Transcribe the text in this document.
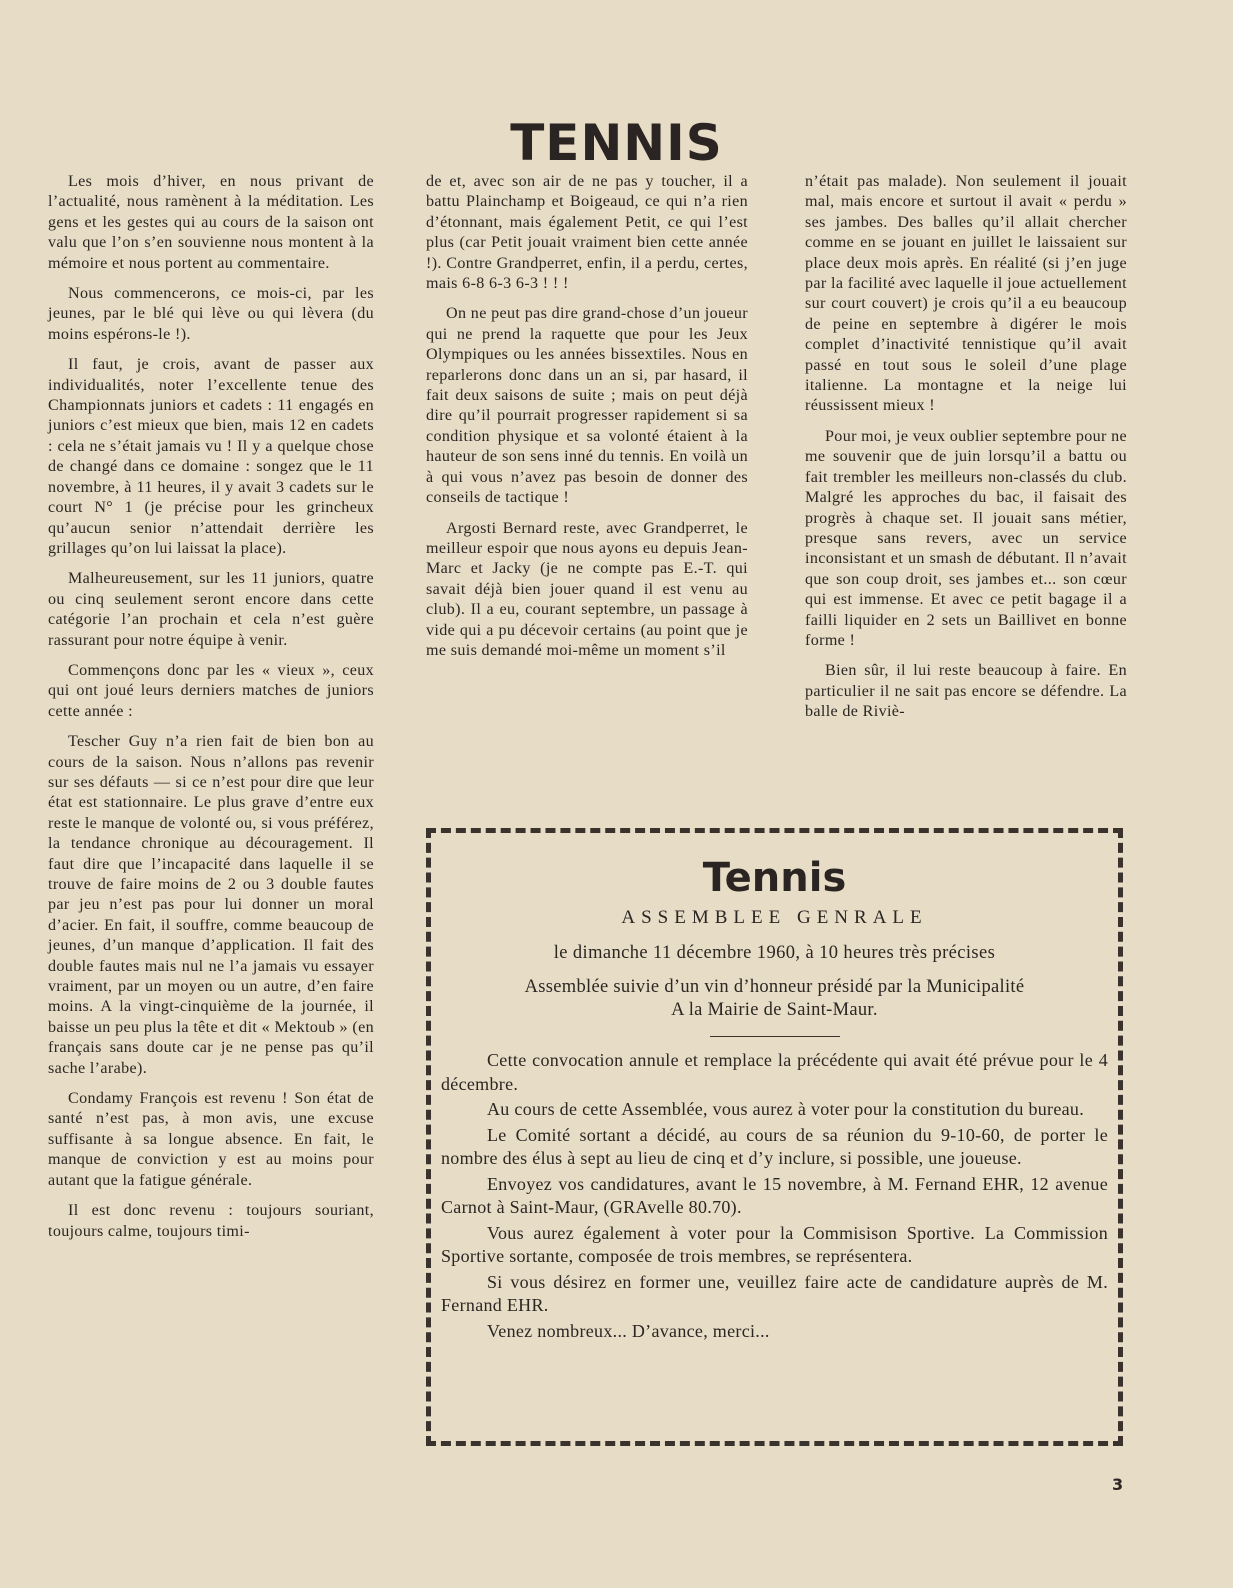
TENNIS

Les mois d’hiver, en nous privant de l’actualité, nous ramènent à la méditation. Les gens et les gestes qui au cours de la saison ont valu que l’on s’en souvienne nous montent à la mémoire et nous portent au commentaire.

Nous commencerons, ce mois-ci, par les jeunes, par le blé qui lève ou qui lèvera (du moins espérons-le !).

Il faut, je crois, avant de passer aux individualités, noter l’excellente tenue des Championnats juniors et cadets : 11 engagés en juniors c’est mieux que bien, mais 12 en cadets : cela ne s’était jamais vu ! Il y a quelque chose de changé dans ce domaine : songez que le 11 novembre, à 11 heures, il y avait 3 cadets sur le court N° 1 (je précise pour les grincheux qu’aucun senior n’attendait derrière les grillages qu’on lui laissat la place).

Malheureusement, sur les 11 juniors, quatre ou cinq seulement seront encore dans cette catégorie l’an prochain et cela n’est guère rassurant pour notre équipe à venir.

Commençons donc par les « vieux », ceux qui ont joué leurs derniers matches de juniors cette année :

Tescher Guy n’a rien fait de bien bon au cours de la saison. Nous n’allons pas revenir sur ses défauts — si ce n’est pour dire que leur état est stationnaire. Le plus grave d’entre eux reste le manque de volonté ou, si vous préférez, la tendance chronique au découragement. Il faut dire que l’incapacité dans laquelle il se trouve de faire moins de 2 ou 3 double fautes par jeu n’est pas pour lui donner un moral d’acier. En fait, il souffre, comme beaucoup de jeunes, d’un manque d’application. Il fait des double fautes mais nul ne l’a jamais vu essayer vraiment, par un moyen ou un autre, d’en faire moins. A la vingt-cinquième de la journée, il baisse un peu plus la tête et dit « Mektoub » (en français sans doute car je ne pense pas qu’il sache l’arabe).

Condamy François est revenu ! Son état de santé n’est pas, à mon avis, une excuse suffisante à sa longue absence. En fait, le manque de conviction y est au moins pour autant que la fatigue générale.

Il est donc revenu : toujours souriant, toujours calme, toujours timi-

de et, avec son air de ne pas y toucher, il a battu Plainchamp et Boigeaud, ce qui n’a rien d’étonnant, mais également Petit, ce qui l’est plus (car Petit jouait vraiment bien cette année !). Contre Grandperret, enfin, il a perdu, certes, mais 6-8 6-3 6-3 ! ! !

On ne peut pas dire grand-chose d’un joueur qui ne prend la raquette que pour les Jeux Olympiques ou les années bissextiles. Nous en reparlerons donc dans un an si, par hasard, il fait deux saisons de suite ; mais on peut déjà dire qu’il pourrait progresser rapidement si sa condition physique et sa volonté étaient à la hauteur de son sens inné du tennis. En voilà un à qui vous n’avez pas besoin de donner des conseils de tactique !

Argosti Bernard reste, avec Grandperret, le meilleur espoir que nous ayons eu depuis Jean-Marc et Jacky (je ne compte pas E.-T. qui savait déjà bien jouer quand il est venu au club). Il a eu, courant septembre, un passage à vide qui a pu décevoir certains (au point que je me suis demandé moi-même un moment s’il

n’était pas malade). Non seulement il jouait mal, mais encore et surtout il avait « perdu » ses jambes. Des balles qu’il allait chercher comme en se jouant en juillet le laissaient sur place deux mois après. En réalité (si j’en juge par la facilité avec laquelle il joue actuellement sur court couvert) je crois qu’il a eu beaucoup de peine en septembre à digérer le mois complet d’inactivité tennistique qu’il avait passé en tout sous le soleil d’une plage italienne. La montagne et la neige lui réussissent mieux !

Pour moi, je veux oublier septembre pour ne me souvenir que de juin lorsqu’il a battu ou fait trembler les meilleurs non-classés du club. Malgré les approches du bac, il faisait des progrès à chaque set. Il jouait sans métier, presque sans revers, avec un service inconsistant et un smash de débutant. Il n’avait que son coup droit, ses jambes et... son cœur qui est immense. Et avec ce petit bagage il a failli liquider en 2 sets un Baillivet en bonne forme !

Bien sûr, il lui reste beaucoup à faire. En particulier il ne sait pas encore se défendre. La balle de Riviè-

Tennis
ASSEMBLEE GENRALE
le dimanche 11 décembre 1960, à 10 heures très précises
Assemblée suivie d’un vin d’honneur présidé par la Municipalité
A la Mairie de Saint-Maur.

Cette convocation annule et remplace la précédente qui avait été prévue pour le 4 décembre.

Au cours de cette Assemblée, vous aurez à voter pour la constitution du bureau.

Le Comité sortant a décidé, au cours de sa réunion du 9-10-60, de porter le nombre des élus à sept au lieu de cinq et d’y inclure, si possible, une joueuse.

Envoyez vos candidatures, avant le 15 novembre, à M. Fernand EHR, 12 avenue Carnot à Saint-Maur, (GRAvelle 80.70).

Vous aurez également à voter pour la Commisison Sportive. La Commission Sportive sortante, composée de trois membres, se représentera.

Si vous désirez en former une, veuillez faire acte de candidature auprès de M. Fernand EHR.

Venez nombreux... D’avance, merci...

3
